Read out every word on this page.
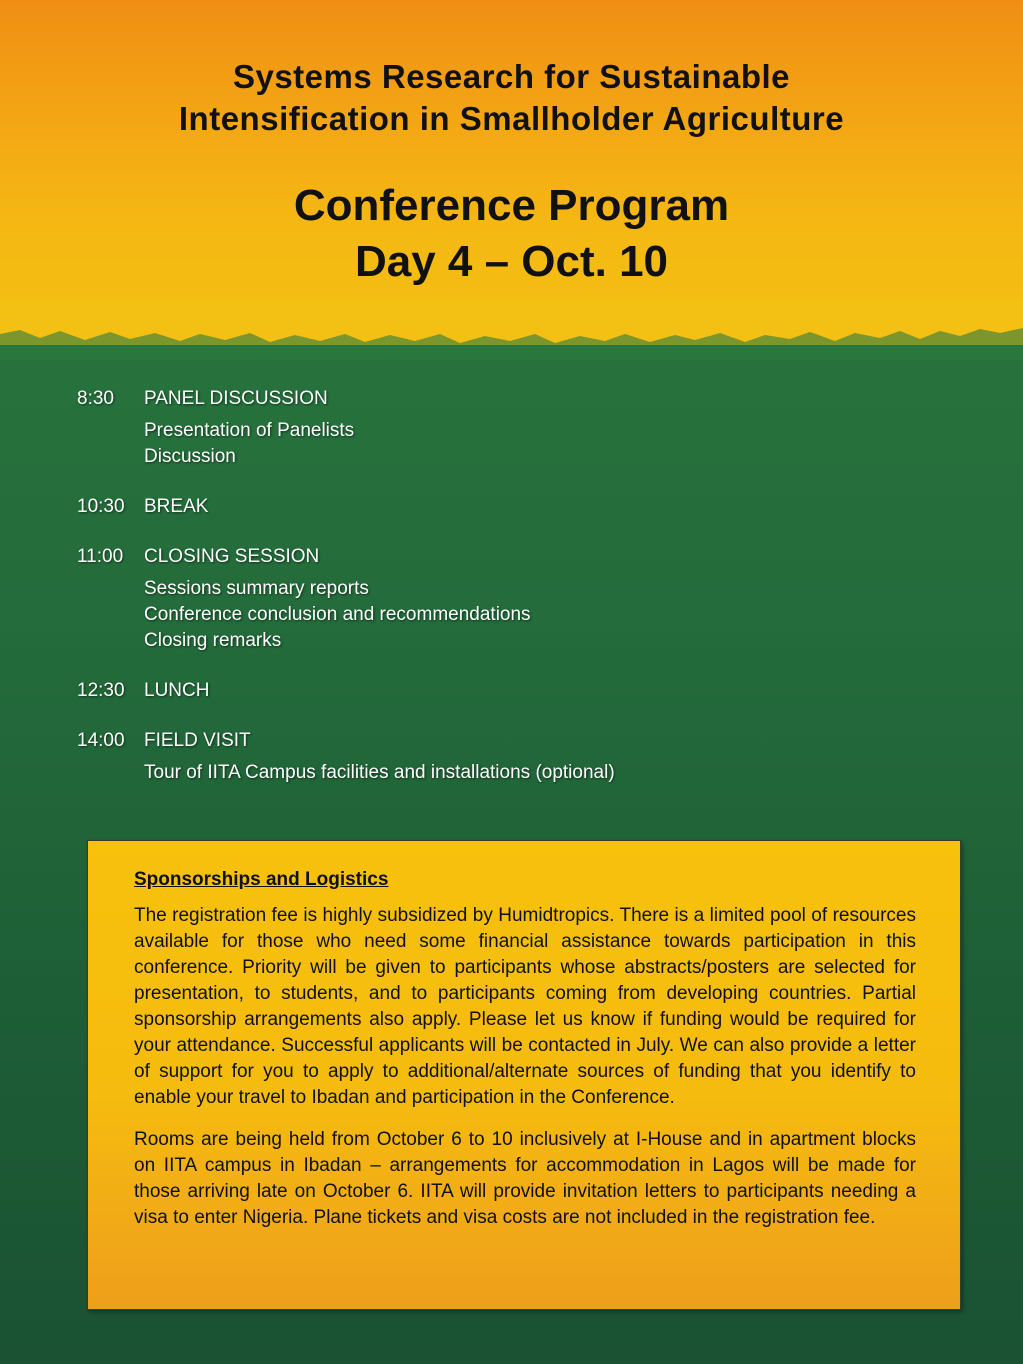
Systems Research for Sustainable
Intensification in Smallholder Agriculture
Conference Program
Day 4 – Oct. 10
8:30	PANEL DISCUSSION
Presentation of Panelists
Discussion
10:30	BREAK
11:00	CLOSING SESSION
Sessions summary reports
Conference conclusion and recommendations
Closing remarks
12:30	LUNCH
14:00	FIELD VISIT
Tour of IITA Campus facilities and installations (optional)
Sponsorships and Logistics

The registration fee is highly subsidized by Humidtropics. There is a limited pool of resources available for those who need some financial assistance towards participation in this conference. Priority will be given to participants whose abstracts/posters are selected for presentation, to students, and to participants coming from developing countries. Partial sponsorship arrangements also apply. Please let us know if funding would be required for your attendance. Successful applicants will be contacted in July. We can also provide a letter of support for you to apply to additional/alternate sources of funding that you identify to enable your travel to Ibadan and participation in the Conference.

Rooms are being held from October 6 to 10 inclusively at I-House and in apartment blocks on IITA campus in Ibadan – arrangements for accommodation in Lagos will be made for those arriving late on October 6. IITA will provide invitation letters to participants needing a visa to enter Nigeria. Plane tickets and visa costs are not included in the registration fee.
